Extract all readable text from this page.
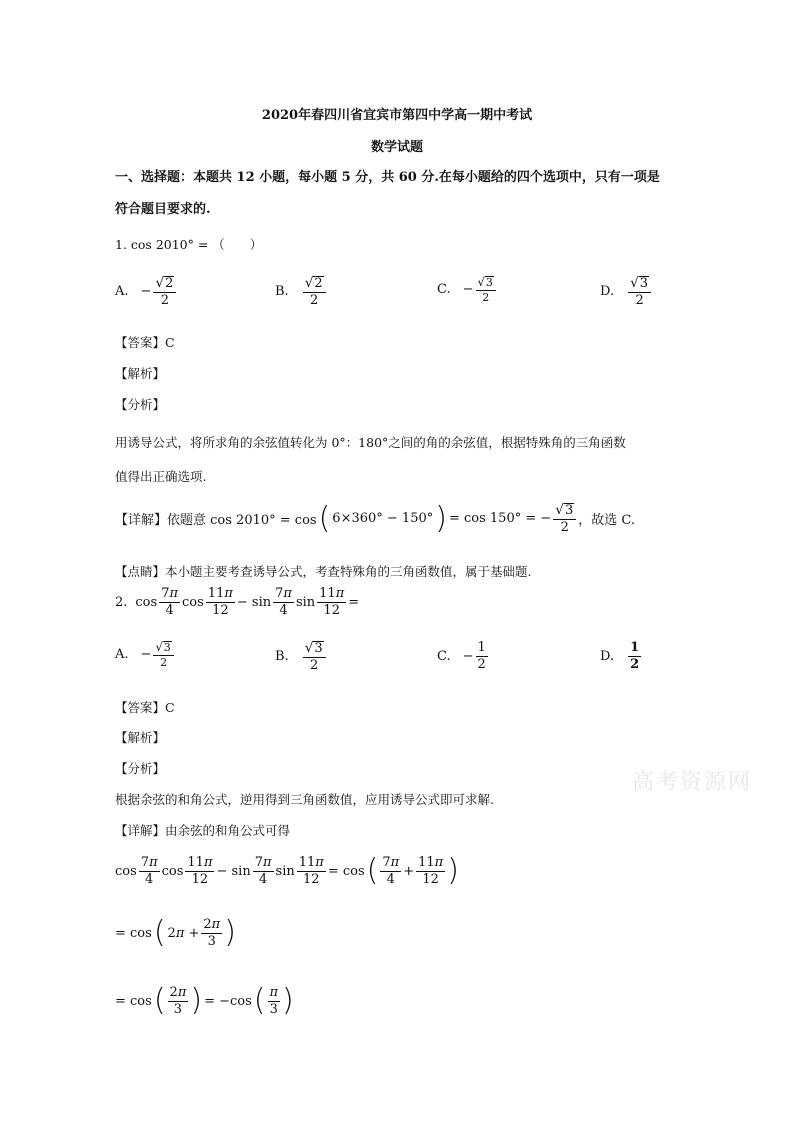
2020年春四川省宜宾市第四中学高一期中考试
数学试题
一、选择题：本题共 12 小题，每小题 5 分，共 60 分.在每小题给的四个选项中，只有一项是
符合题目要求的.
1. cos 2010° = （　　）
A. − $\frac{√ 2}{2}$	B. $\frac{√ 2}{2}$	C. − $\frac{√ 3}{2}$	D. $\frac{√ 3}{2}$
【答案】C
【解析】
【分析】
用诱导公式，将所求角的余弦值转化为 0°：180°之间的角的余弦值，根据特殊角的三角函数
值得出正确选项.
【详解】依题意 cos 2010° = cos ( 6×360° − 150° ) = cos 150° = − $\frac{√ 3}{2}$ ，故选 C.
【点睛】本小题主要考查诱导公式，考查特殊角的三角函数值，属于基础题.
2. $\cos \frac{7\pi}{4}$ $\cos \frac{11\pi}{12} - \sin \frac{7\pi}{4}$ $\sin \frac{11\pi}{12}$ =
A. − $\frac{√ 3}{2}$	B. $\frac{√ 3}{2}$	C. − $\frac{1}{2}$	D. $\frac{1}{2}$
【答案】C
【解析】
【分析】
根据余弦的和角公式，逆用得到三角函数值，应用诱导公式即可求解.
【详解】由余弦的和角公式可得
高考资源网
$\cos \frac{7\pi}{4}$ $\cos \frac{11\pi}{12} - \sin \frac{7\pi}{4}$ $\sin \frac{11\pi}{12} = \cos$ ( $\frac{7\pi}{4} + \frac{11\pi}{12}$ )
= cos ( $2\pi + \frac{2\pi}{3}$ )
= cos ( $\frac{2\pi}{3}$ ) = −cos ( $\frac{\pi}{3}$ )
